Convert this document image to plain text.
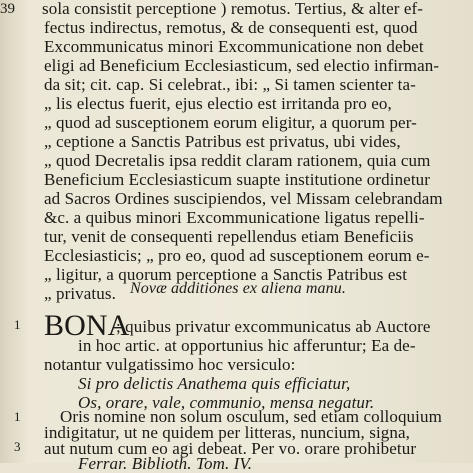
39 sola consistit perceptione ) remotus. Tertius, & alter ef-
fectus indirectus, remotus, & de consequenti est, quod
Excommunicatus minori Excommunicatione non debet
eligi ad Beneficium Ecclesiasticum, sed electio infirman-
da sit; cit. cap. Si celebrat., ibi: „ Si tamen scienter ta-
„ lis electus fuerit, ejus electio est irritanda pro eo,
„ quod ad susceptionem eorum eligitur, a quorum per-
„ ceptione a Sanctis Patribus est privatus, ubi vides,
„ quod Decretalis ipsa reddit claram rationem, quia cum
Beneficium Ecclesiasticum suapte institutione ordinetur
ad Sacros Ordines suscipiendos, vel Missam celebrandam
&c. a quibus minori Excommunicatione ligatus repelli-
tur, venit de consequenti repellendus etiam Beneficiis
Ecclesiasticis; „ pro eo, quod ad susceptionem eorum e-
„ ligitur, a quorum perceptione a Sanctis Patribus est
„ privatus. Novæ additiones ex aliena manu.
1 BONA
; quibus privatur excommunicatus ab Auctore
in hoc artic. at opportunius hic afferuntur; Ea de-
notantur vulgatissimo hoc versiculo:
Si pro delictis Anathema quis efficiatur,
Os, orare, vale, communio, mensa negatur.
1 Oris nomine non solum osculum, sed etiam colloquium
indigitatur, ut ne quidem per litteras, nuncium, signa,
3 aut nutum cum eo agi debeat. Per vo. orare prohibetur
Ferrar. Biblioth. Tom. IV.
